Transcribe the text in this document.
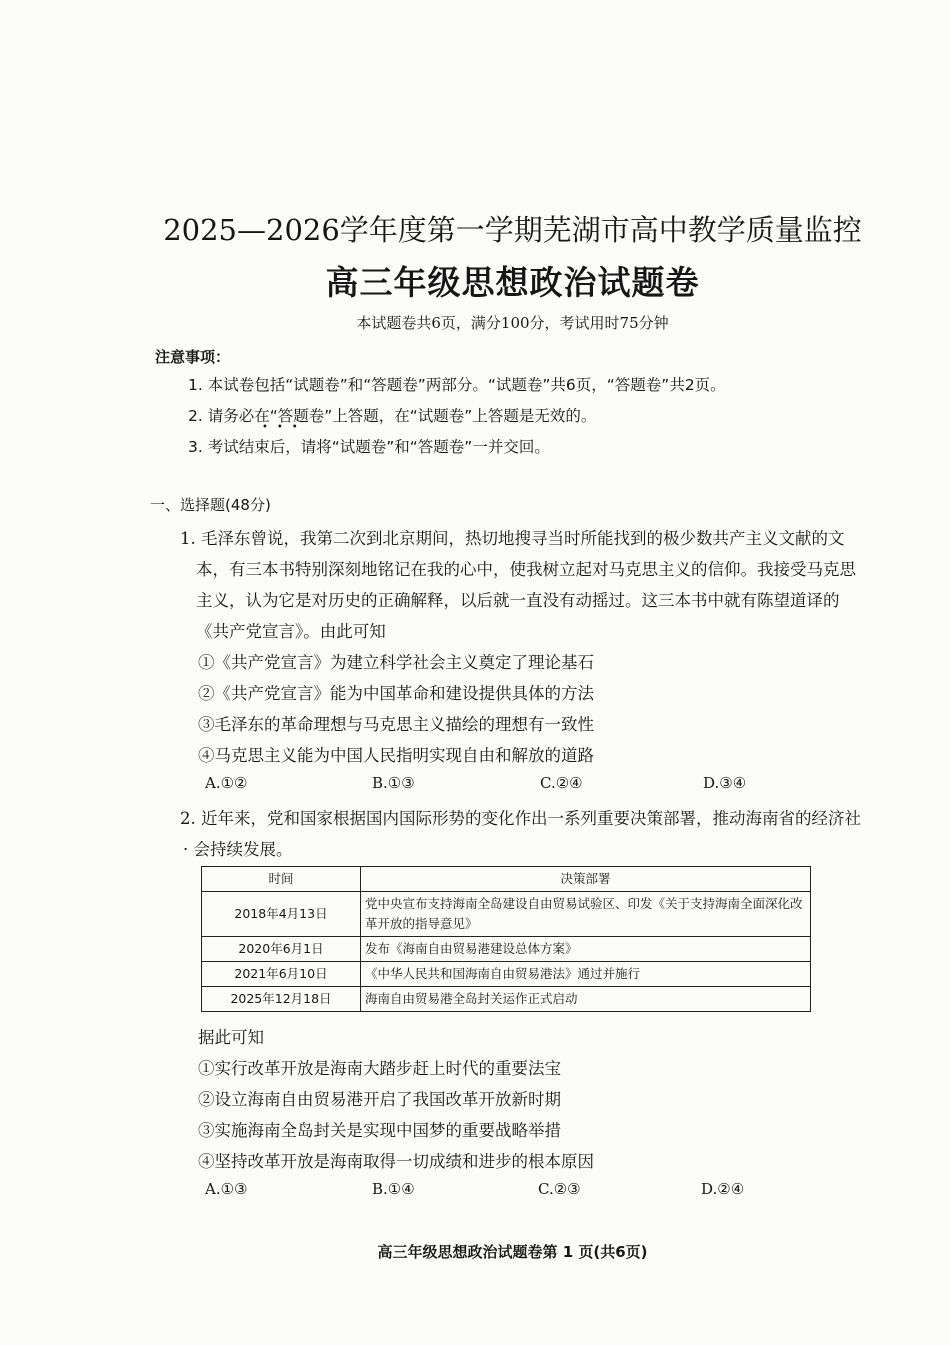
2025—2026学年度第一学期芜湖市高中教学质量监控
高三年级思想政治试题卷
本试题卷共6页，满分100分，考试用时75分钟
注意事项：
1. 本试卷包括“试题卷”和“答题卷”两部分。“试题卷”共6页，“答题卷”共2页。
2. 请务必在“答题卷”上答题，在“试题卷”上答题是无效的。
•••
3. 考试结束后，请将“试题卷”和“答题卷”一并交回。
一、选择题(48分)
1. 毛泽东曾说，我第二次到北京期间，热切地搜寻当时所能找到的极少数共产主义文献的文
本，有三本书特别深刻地铭记在我的心中，使我树立起对马克思主义的信仰。我接受马克思
主义，认为它是对历史的正确解释，以后就一直没有动摇过。这三本书中就有陈望道译的
《共产党宣言》。由此可知
①《共产党宣言》为建立科学社会主义奠定了理论基石
②《共产党宣言》能为中国革命和建设提供具体的方法
③毛泽东的革命理想与马克思主义描绘的理想有一致性
④马克思主义能为中国人民指明实现自由和解放的道路
A.①②	B.①③	C.②④	D.③④
2. 近年来，党和国家根据国内国际形势的变化作出一系列重要决策部署，推动海南省的经济社
· 会持续发展。
时间	决策部署
2018年4月13日	党中央宣布支持海南全岛建设自由贸易试验区、印发《关于支持海南全面深化改革开放的指导意见》
2020年6月1日	发布《海南自由贸易港建设总体方案》
2021年6月10日	《中华人民共和国海南自由贸易港法》通过并施行
2025年12月18日	海南自由贸易港全岛封关运作正式启动
据此可知
①实行改革开放是海南大踏步赶上时代的重要法宝
②设立海南自由贸易港开启了我国改革开放新时期
③实施海南全岛封关是实现中国梦的重要战略举措
④坚持改革开放是海南取得一切成绩和进步的根本原因
A.①③	B.①④	C.②③	D.②④
高三年级思想政治试题卷第 1 页(共6页)
